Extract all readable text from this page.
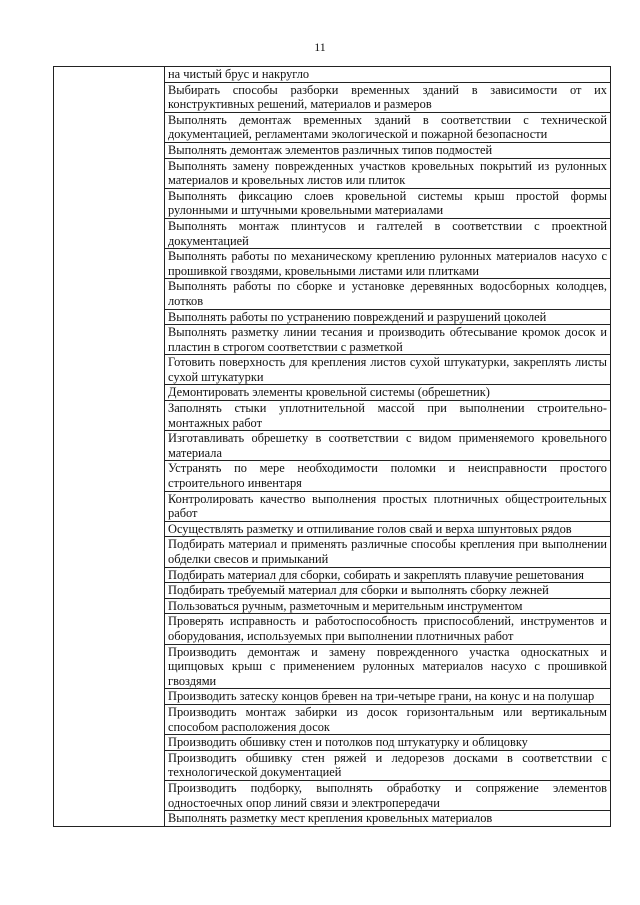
11
	на чистый брус и накругло
Выбирать способы разборки временных зданий в зависимости от их конструктивных решений, материалов и размеров
Выполнять демонтаж временных зданий в соответствии с технической документацией, регламентами экологической и пожарной безопасности
Выполнять демонтаж элементов различных типов подмостей
Выполнять замену поврежденных участков кровельных покрытий из рулонных материалов и кровельных листов или плиток
Выполнять фиксацию слоев кровельной системы крыш простой формы рулонными и штучными кровельными материалами
Выполнять монтаж плинтусов и галтелей в соответствии с проектной документацией
Выполнять работы по механическому креплению рулонных материалов насухо с прошивкой гвоздями, кровельными листами или плитками
Выполнять работы по сборке и установке деревянных водосборных колодцев, лотков
Выполнять работы по устранению повреждений и разрушений цоколей
Выполнять разметку линии тесания и производить обтесывание кромок досок и пластин в строгом соответствии с разметкой
Готовить поверхность для крепления листов сухой штукатурки, закреплять листы сухой штукатурки
Демонтировать элементы кровельной системы (обрешетник)
Заполнять стыки уплотнительной массой при выполнении строительно-монтажных работ
Изготавливать обрешетку в соответствии с видом применяемого кровельного материала
Устранять по мере необходимости поломки и неисправности простого строительного инвентаря
Контролировать качество выполнения простых плотничных общестроительных работ
Осуществлять разметку и отпиливание голов свай и верха шпунтовых рядов
Подбирать материал и применять различные способы крепления при выполнении обделки свесов и примыканий
Подбирать материал для сборки, собирать и закреплять плавучие решетования
Подбирать требуемый материал для сборки и выполнять сборку лежней
Пользоваться ручным, разметочным и мерительным инструментом
Проверять исправность и работоспособность приспособлений, инструментов и оборудования, используемых при выполнении плотничных работ
Производить демонтаж и замену поврежденного участка односкатных и щипцовых крыш с применением рулонных материалов насухо с прошивкой гвоздями
Производить затеску концов бревен на три-четыре грани, на конус и на полушар
Производить монтаж забирки из досок горизонтальным или вертикальным способом расположения досок
Производить обшивку стен и потолков под штукатурку и облицовку
Производить обшивку стен ряжей и ледорезов досками в соответствии с технологической документацией
Производить подборку, выполнять обработку и сопряжение элементов одностоечных опор линий связи и электропередачи
Выполнять разметку мест крепления кровельных материалов
